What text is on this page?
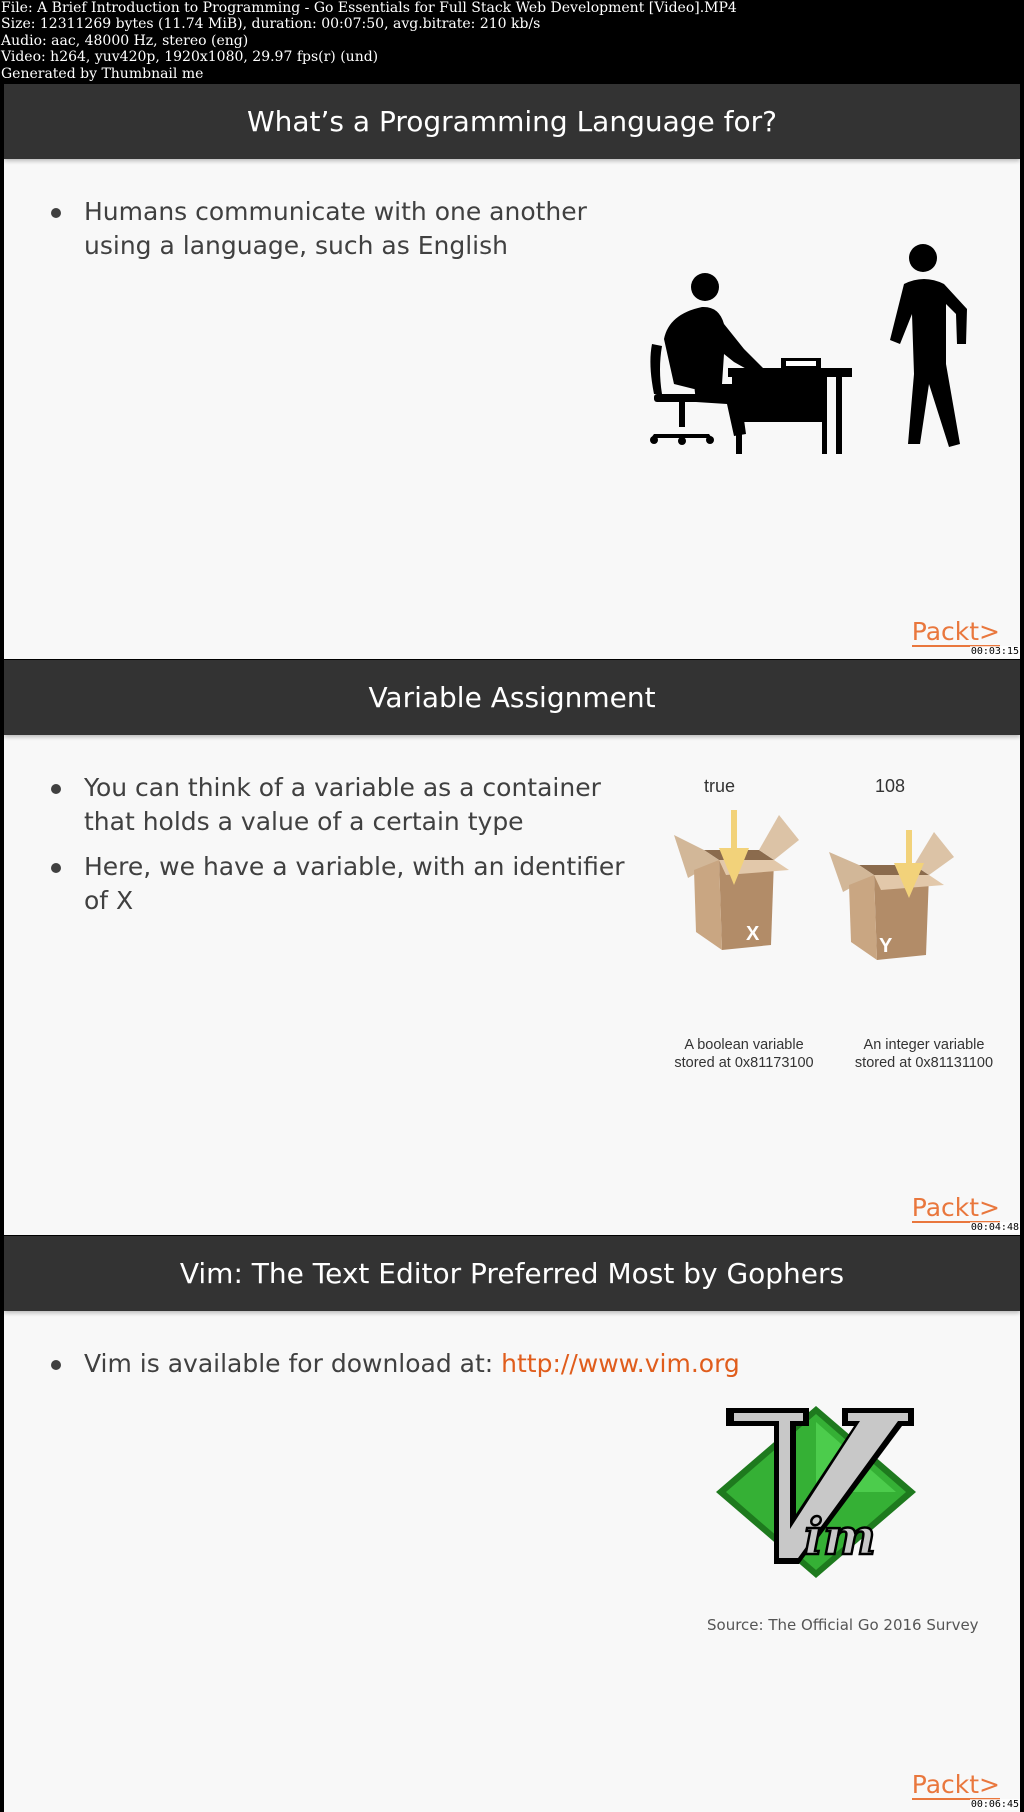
File: A Brief Introduction to Programming - Go Essentials for Full Stack Web Development [Video].MP4
Size: 12311269 bytes (11.74 MiB), duration: 00:07:50, avg.bitrate: 210 kb/s
Audio: aac, 48000 Hz, stereo (eng)
Video: h264, yuv420p, 1920x1080, 29.97 fps(r) (und)
Generated by Thumbnail me
What’s a Programming Language for?
Humans communicate with one another using a language, such as English
Packt>
00:03:15
Variable Assignment
You can think of a variable as a container that holds a value of a certain type
Here, we have a variable, with an identifier of X
true	108
X
Y
A boolean variable
stored at 0x81173100
An integer variable
stored at 0x81131100
Packt>
00:04:48
Vim: The Text Editor Preferred Most by Gophers
Vim is available for download at: http://www.vim.org
im
Source: The Official Go 2016 Survey
Packt>
00:06:45
